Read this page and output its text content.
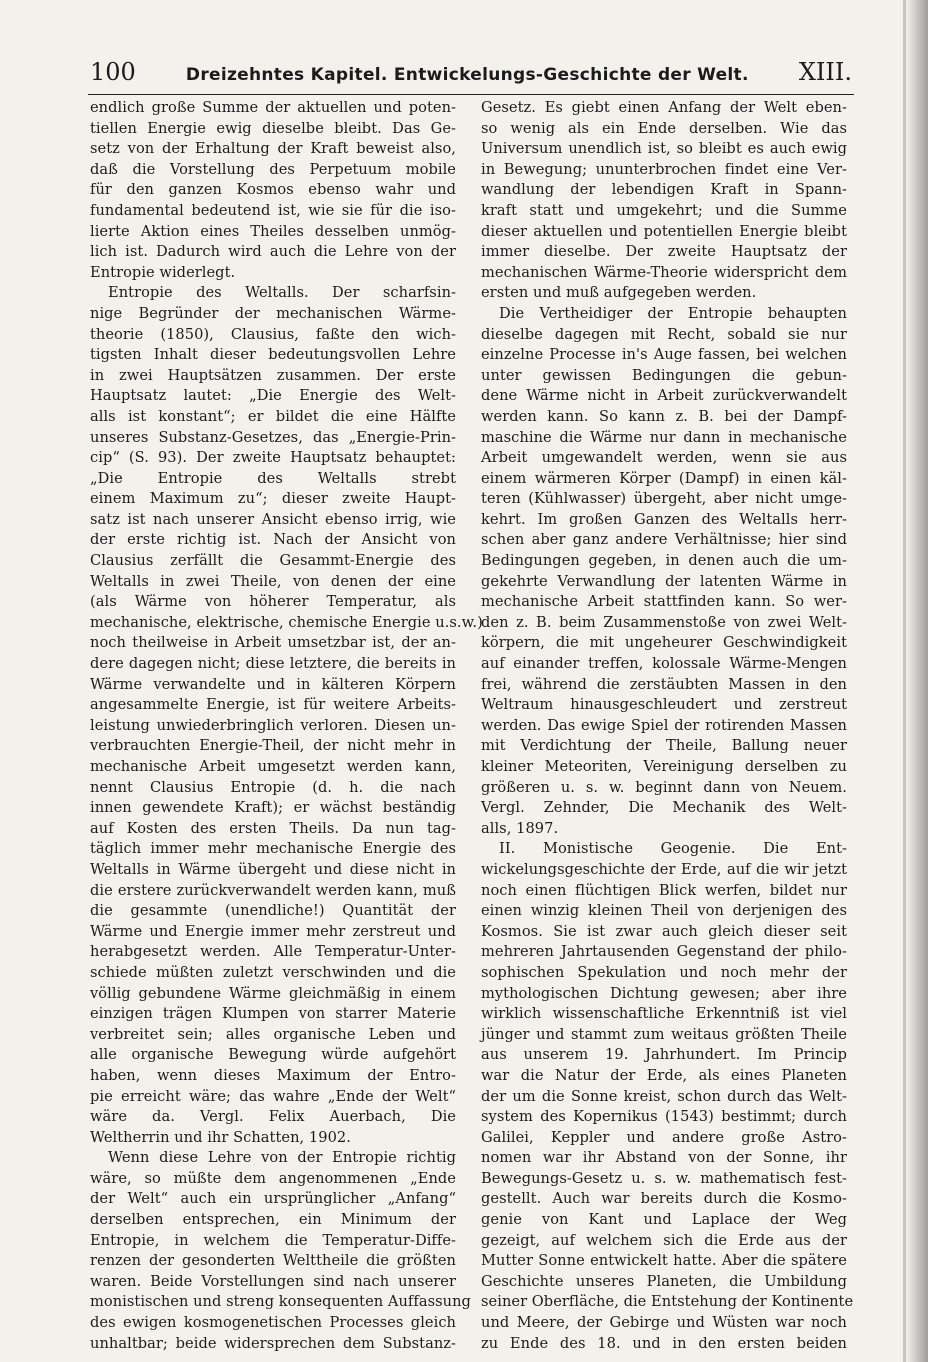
100	Dreizehntes Kapitel. Entwickelungs-Geschichte der Welt. XIII.
endlich große Summe der aktuellen und poten-
tiellen Energie ewig dieselbe bleibt. Das Ge-
setz von der Erhaltung der Kraft beweist also,
daß die Vorstellung des Perpetuum mobile
für den ganzen Kosmos ebenso wahr und
fundamental bedeutend ist, wie sie für die iso-
lierte Aktion eines Theiles desselben unmög-
lich ist. Dadurch wird auch die Lehre von der
Entropie widerlegt.
Entropie des Weltalls. Der scharfsin-
nige Begründer der mechanischen Wärme-
theorie (1850), Clausius, faßte den wich-
tigsten Inhalt dieser bedeutungsvollen Lehre
in zwei Hauptsätzen zusammen. Der erste
Hauptsatz lautet: „Die Energie des Welt-
alls ist konstant“; er bildet die eine Hälfte
unseres Substanz-Gesetzes, das „Energie-Prin-
cip“ (S. 93). Der zweite Hauptsatz behauptet:
„Die Entropie des Weltalls strebt
einem Maximum zu“; dieser zweite Haupt-
satz ist nach unserer Ansicht ebenso irrig, wie
der erste richtig ist. Nach der Ansicht von
Clausius zerfällt die Gesammt-Energie des
Weltalls in zwei Theile, von denen der eine
(als Wärme von höherer Temperatur, als
mechanische, elektrische, chemische Energie u.s.w.)
noch theilweise in Arbeit umsetzbar ist, der an-
dere dagegen nicht; diese letztere, die bereits in
Wärme verwandelte und in kälteren Körpern
angesammelte Energie, ist für weitere Arbeits-
leistung unwiederbringlich verloren. Diesen un-
verbrauchten Energie-Theil, der nicht mehr in
mechanische Arbeit umgesetzt werden kann,
nennt Clausius Entropie (d. h. die nach
innen gewendete Kraft); er wächst beständig
auf Kosten des ersten Theils. Da nun tag-
täglich immer mehr mechanische Energie des
Weltalls in Wärme übergeht und diese nicht in
die erstere zurückverwandelt werden kann, muß
die gesammte (unendliche!) Quantität der
Wärme und Energie immer mehr zerstreut und
herabgesetzt werden. Alle Temperatur-Unter-
schiede müßten zuletzt verschwinden und die
völlig gebundene Wärme gleichmäßig in einem
einzigen trägen Klumpen von starrer Materie
verbreitet sein; alles organische Leben und
alle organische Bewegung würde aufgehört
haben, wenn dieses Maximum der Entro-
pie erreicht wäre; das wahre „Ende der Welt“
wäre da. Vergl. Felix Auerbach, Die
Weltherrin und ihr Schatten, 1902.
Wenn diese Lehre von der Entropie richtig
wäre, so müßte dem angenommenen „Ende
der Welt“ auch ein ursprünglicher „Anfang“
derselben entsprechen, ein Minimum der
Entropie, in welchem die Temperatur-Diffe-
renzen der gesonderten Welttheile die größten
waren. Beide Vorstellungen sind nach unserer
monistischen und streng konsequenten Auffassung
des ewigen kosmogenetischen Processes gleich
unhaltbar; beide widersprechen dem Substanz-
Gesetz. Es giebt einen Anfang der Welt eben-
so wenig als ein Ende derselben. Wie das
Universum unendlich ist, so bleibt es auch ewig
in Bewegung; ununterbrochen findet eine Ver-
wandlung der lebendigen Kraft in Spann-
kraft statt und umgekehrt; und die Summe
dieser aktuellen und potentiellen Energie bleibt
immer dieselbe. Der zweite Hauptsatz der
mechanischen Wärme-Theorie widerspricht dem
ersten und muß aufgegeben werden.
Die Vertheidiger der Entropie behaupten
dieselbe dagegen mit Recht, sobald sie nur
einzelne Processe in's Auge fassen, bei welchen
unter gewissen Bedingungen die gebun-
dene Wärme nicht in Arbeit zurückverwandelt
werden kann. So kann z. B. bei der Dampf-
maschine die Wärme nur dann in mechanische
Arbeit umgewandelt werden, wenn sie aus
einem wärmeren Körper (Dampf) in einen käl-
teren (Kühlwasser) übergeht, aber nicht umge-
kehrt. Im großen Ganzen des Weltalls herr-
schen aber ganz andere Verhältnisse; hier sind
Bedingungen gegeben, in denen auch die um-
gekehrte Verwandlung der latenten Wärme in
mechanische Arbeit stattfinden kann. So wer-
den z. B. beim Zusammenstoße von zwei Welt-
körpern, die mit ungeheurer Geschwindigkeit
auf einander treffen, kolossale Wärme-Mengen
frei, während die zerstäubten Massen in den
Weltraum hinausgeschleudert und zerstreut
werden. Das ewige Spiel der rotirenden Massen
mit Verdichtung der Theile, Ballung neuer
kleiner Meteoriten, Vereinigung derselben zu
größeren u. s. w. beginnt dann von Neuem.
Vergl. Zehnder, Die Mechanik des Welt-
alls, 1897.
II. Monistische Geogenie. Die Ent-
wickelungsgeschichte der Erde, auf die wir jetzt
noch einen flüchtigen Blick werfen, bildet nur
einen winzig kleinen Theil von derjenigen des
Kosmos. Sie ist zwar auch gleich dieser seit
mehreren Jahrtausenden Gegenstand der philo-
sophischen Spekulation und noch mehr der
mythologischen Dichtung gewesen; aber ihre
wirklich wissenschaftliche Erkenntniß ist viel
jünger und stammt zum weitaus größten Theile
aus unserem 19. Jahrhundert. Im Princip
war die Natur der Erde, als eines Planeten
der um die Sonne kreist, schon durch das Welt-
system des Kopernikus (1543) bestimmt; durch
Galilei, Keppler und andere große Astro-
nomen war ihr Abstand von der Sonne, ihr
Bewegungs-Gesetz u. s. w. mathematisch fest-
gestellt. Auch war bereits durch die Kosmo-
genie von Kant und Laplace der Weg
gezeigt, auf welchem sich die Erde aus der
Mutter Sonne entwickelt hatte. Aber die spätere
Geschichte unseres Planeten, die Umbildung
seiner Oberfläche, die Entstehung der Kontinente
und Meere, der Gebirge und Wüsten war noch
zu Ende des 18. und in den ersten beiden
